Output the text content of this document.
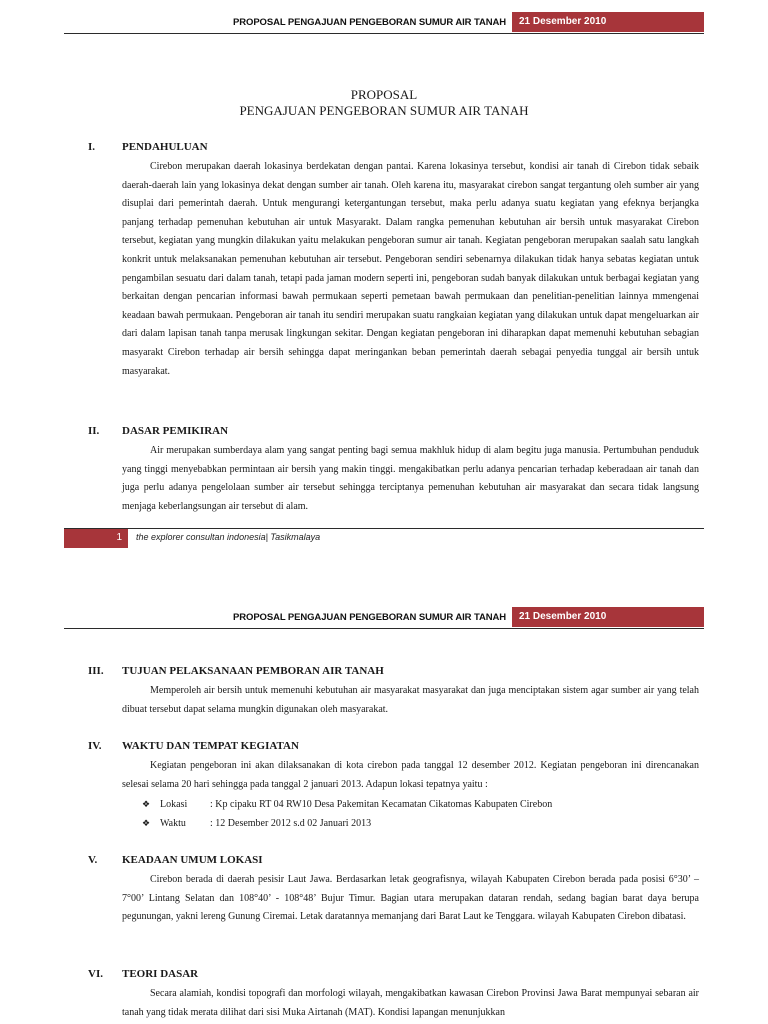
PROPOSAL PENGAJUAN PENGEBORAN SUMUR AIR TANAH	21 Desember 2010
PROPOSAL
PENGAJUAN PENGEBORAN SUMUR AIR TANAH
I. PENDAHULUAN
Cirebon merupakan daerah lokasinya berdekatan dengan pantai. Karena lokasinya tersebut, kondisi air tanah di Cirebon tidak sebaik daerah-daerah lain yang lokasinya dekat dengan sumber air tanah. Oleh karena itu, masyarakat cirebon sangat tergantung oleh sumber air yang disuplai dari pemerintah daerah. Untuk mengurangi ketergantungan tersebut, maka perlu adanya suatu kegiatan yang efeknya berjangka panjang terhadap pemenuhan kebutuhan air untuk Masyarakt. Dalam rangka pemenuhan kebutuhan air bersih untuk masyarakat Cirebon tersebut, kegiatan yang mungkin dilakukan yaitu melakukan pengeboran sumur air tanah. Kegiatan pengeboran merupakan saalah satu langkah konkrit untuk melaksanakan pemenuhan kebutuhan air tersebut. Pengeboran sendiri sebenarnya dilakukan tidak hanya sebatas kegiatan untuk pengambilan sesuatu dari dalam tanah, tetapi pada jaman modern seperti ini, pengeboran sudah banyak dilakukan untuk berbagai kegiatan yang berkaitan dengan pencarian informasi bawah permukaan seperti pemetaan bawah permukaan dan penelitian-penelitian lainnya mmengenai keadaan bawah permukaan. Pengeboran air tanah itu sendiri merupakan suatu rangkaian kegiatan yang dilakukan untuk dapat mengeluarkan air dari dalam lapisan tanah tanpa merusak lingkungan sekitar. Dengan kegiatan pengeboran ini diharapkan dapat memenuhi kebutuhan sebagian masyarakt Cirebon terhadap air bersih sehingga dapat meringankan beban pemerintah daerah sebagai penyedia tunggal air bersih untuk masyarakat.
II. DASAR PEMIKIRAN
Air merupakan sumberdaya alam yang sangat penting bagi semua makhluk hidup di alam begitu juga manusia. Pertumbuhan penduduk yang tinggi menyebabkan permintaan air bersih yang makin tinggi. mengakibatkan perlu adanya pencarian terhadap keberadaan air tanah dan juga perlu adanya pengelolaan sumber air tersebut sehingga terciptanya pemenuhan kebutuhan air masyarakat dan secara tidak langsung menjaga keberlangsungan air tersebut di alam.
1 the explorer consultan indonesia| Tasikmalaya
PROPOSAL PENGAJUAN PENGEBORAN SUMUR AIR TANAH	21 Desember 2010
III. TUJUAN PELAKSANAAN PEMBORAN AIR TANAH
Memperoleh air bersih untuk memenuhi kebutuhan air masyarakat masyarakat dan juga menciptakan sistem agar sumber air yang telah dibuat tersebut dapat selama mungkin digunakan oleh masyarakat.
IV. WAKTU DAN TEMPAT KEGIATAN
Kegiatan pengeboran ini akan dilaksanakan di kota cirebon pada tanggal 12 desember 2012. Kegiatan pengeboran ini direncanakan selesai selama 20 hari sehingga pada tanggal 2 januari 2013. Adapun lokasi tepatnya yaitu :
❖ Lokasi : Kp cipaku RT 04 RW10 Desa Pakemitan Kecamatan Cikatomas Kabupaten Cirebon
❖ Waktu : 12 Desember 2012 s.d 02 Januari 2013
V. KEADAAN UMUM LOKASI
Cirebon berada di daerah pesisir Laut Jawa. Berdasarkan letak geografisnya, wilayah Kabupaten Cirebon berada pada posisi 6°30’ – 7°00’ Lintang Selatan dan 108°40’ - 108°48’ Bujur Timur. Bagian utara merupakan dataran rendah, sedang bagian barat daya berupa pegunungan, yakni lereng Gunung Ciremai. Letak daratannya memanjang dari Barat Laut ke Tenggara. wilayah Kabupaten Cirebon dibatasi.
VI. TEORI DASAR
Secara alamiah, kondisi topografi dan morfologi wilayah, mengakibatkan kawasan Cirebon Provinsi Jawa Barat mempunyai sebaran air tanah yang tidak merata dilihat dari sisi Muka Airtanah (MAT). Kondisi lapangan menunjukkan
